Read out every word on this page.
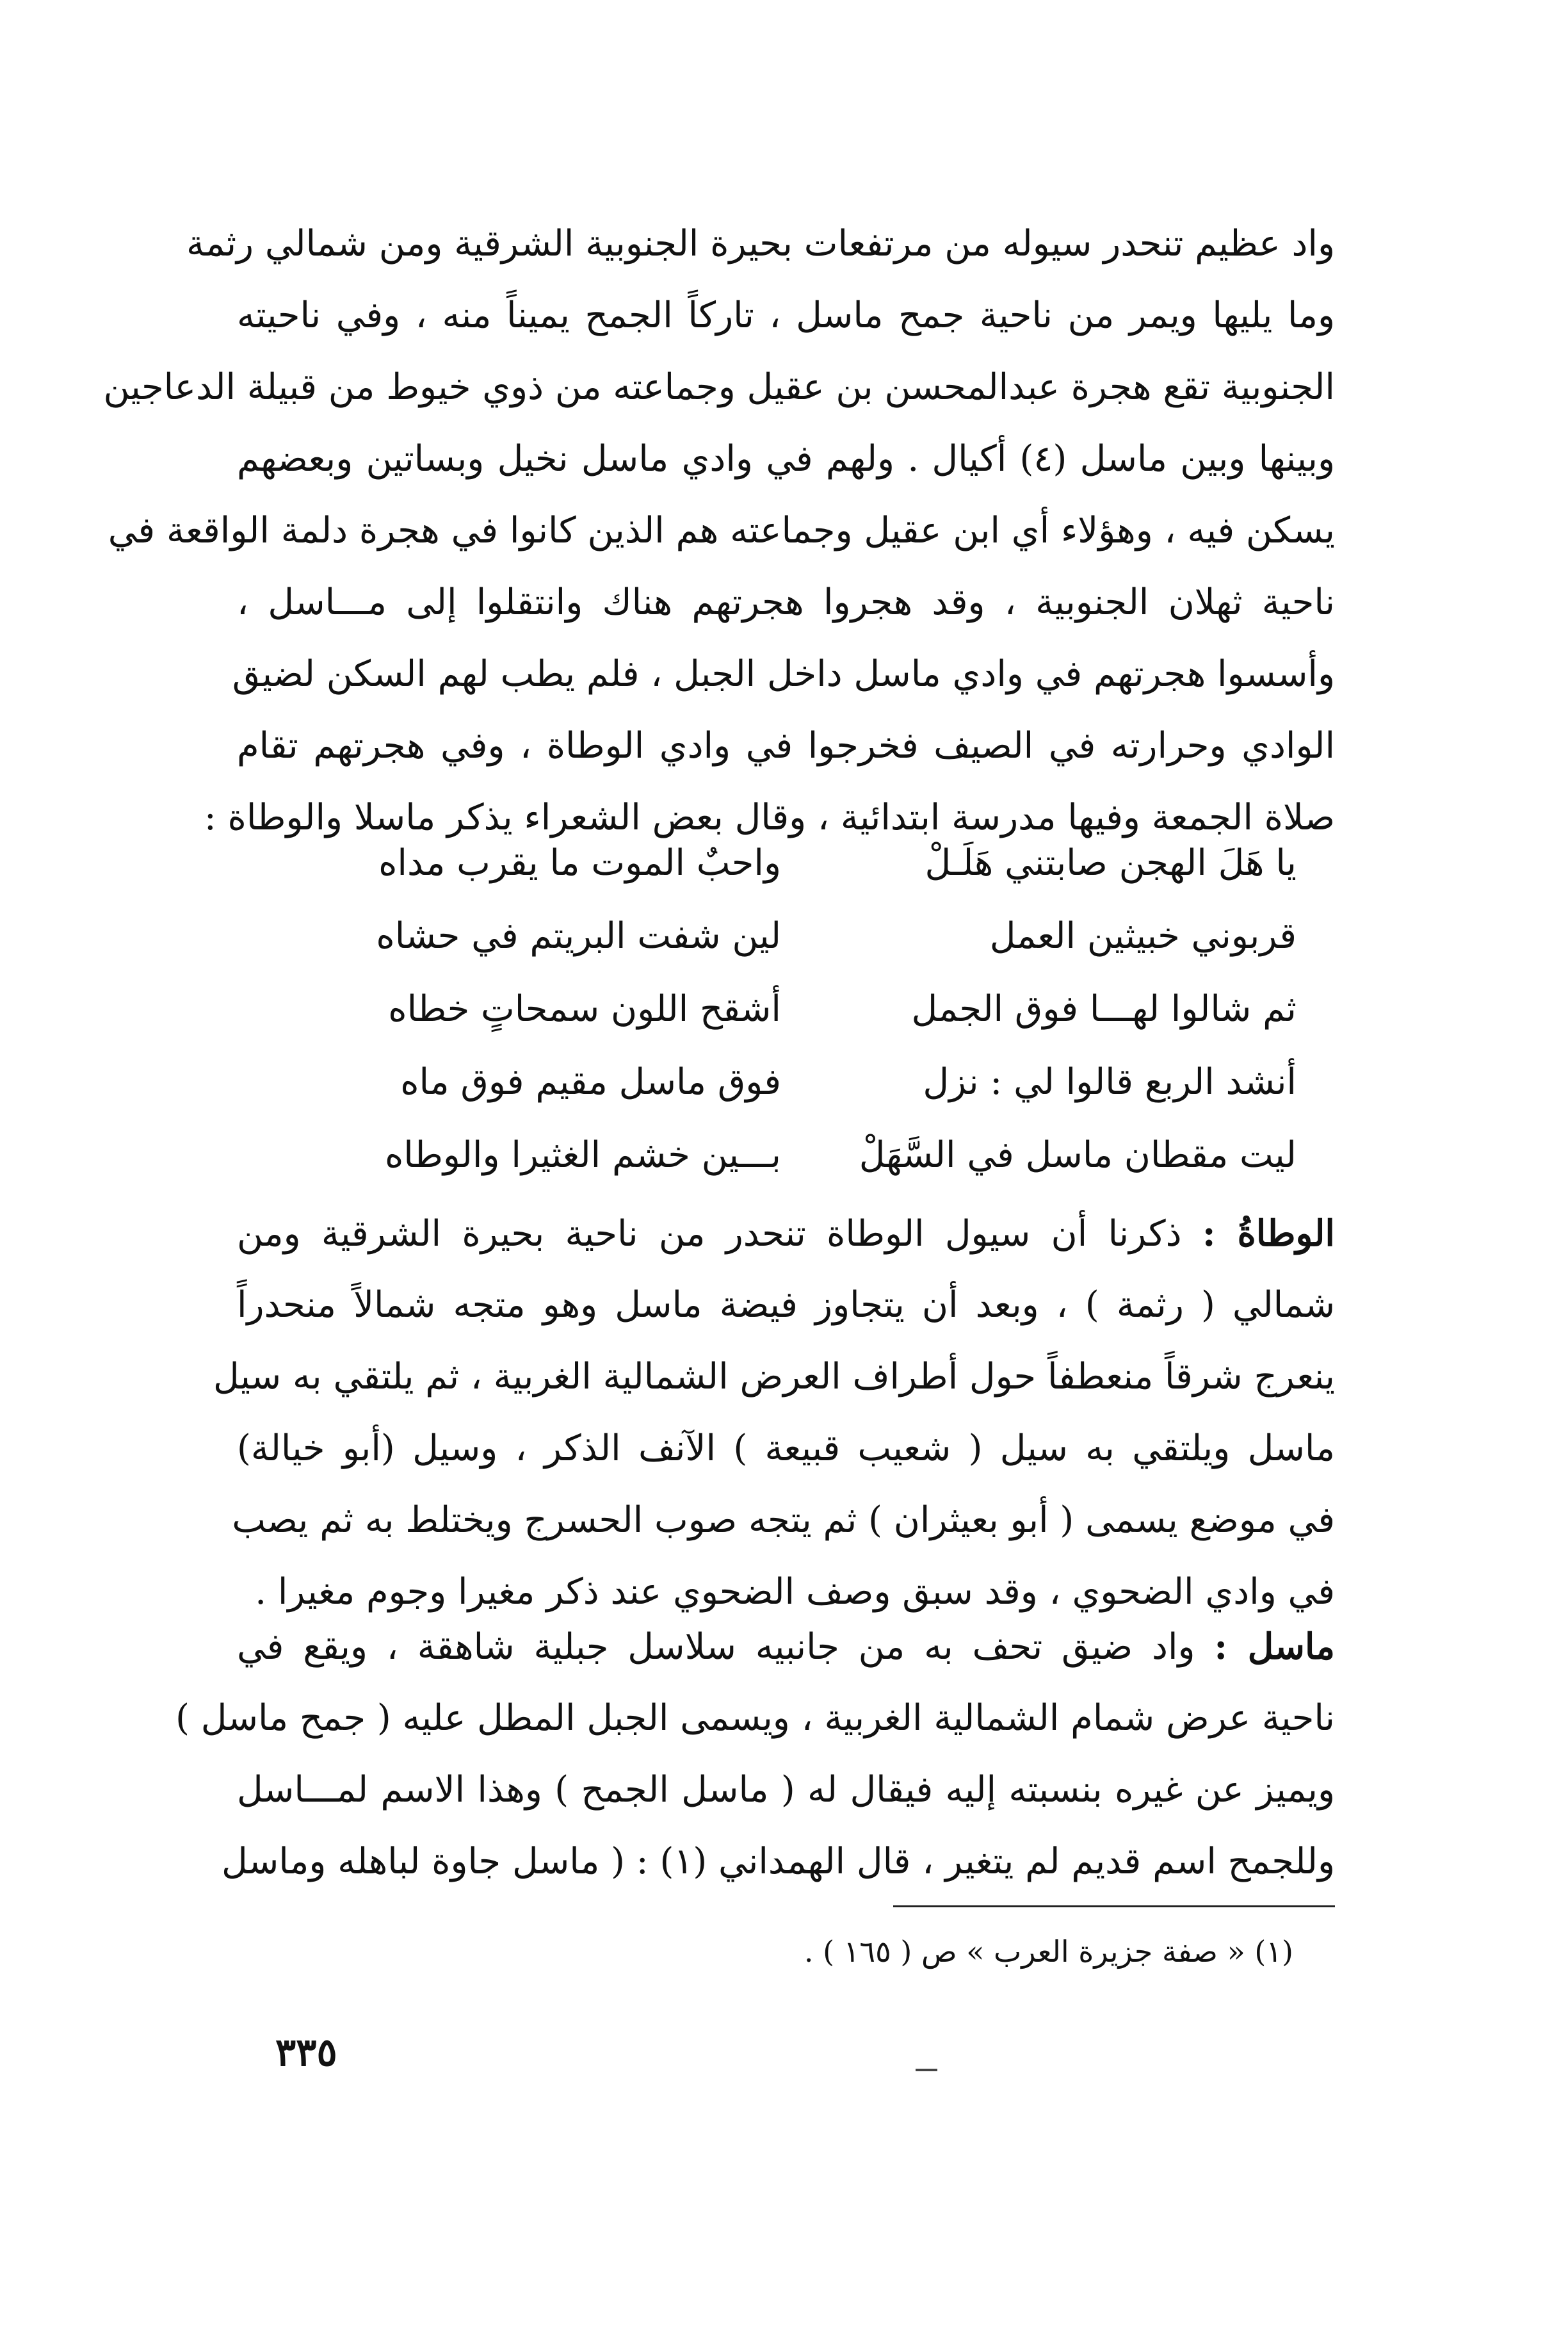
واد عظيم تنحدر سيوله من مرتفعات بحيرة الجنوبية الشرقية ومن شمالي رثمة
وما يليها ويمر من ناحية جمح ماسل ، تاركاً الجمح يميناً منه ، وفي ناحيته
الجنوبية تقع هجرة عبدالمحسن بن عقيل وجماعته من ذوي خيوط من قبيلة الدعاجين
وبينها وبين ماسل (٤) أكيال . ولهم في وادي ماسل نخيل وبساتين وبعضهم
يسكن فيه ، وهؤلاء أي ابن عقيل وجماعته هم الذين كانوا في هجرة دلمة الواقعة في
ناحية ثهلان الجنوبية ، وقد هجروا هجرتهم هناك وانتقلوا إلى مـــاسل ،
وأسسوا هجرتهم في وادي ماسل داخل الجبل ، فلم يطب لهم السكن لضيق
الوادي وحرارته في الصيف فخرجوا في وادي الوطاة ، وفي هجرتهم تقام
صلاة الجمعة وفيها مدرسة ابتدائية ، وقال بعض الشعراء يذكر ماسلا والوطاة :
يا هَلَ الهجن صابتني هَلَـلْ
واحبٌ الموت ما يقرب مداه
قربوني خبيثين العمل
لين شفت البريتم في حشاه
ثم شالوا لهـــا فوق الجمل
أشقح اللون سمحاتٍ خطاه
أنشد الربع قالوا لي : نزل
فوق ماسل مقيم فوق ماه
ليت مقطان ماسل في السَّهَلْ
بـــين خشم الغثيرا والوطاه
الوطاةُ : ذكرنا أن سيول الوطاة تنحدر من ناحية بحيرة الشرقية ومن
شمالي ( رثمة ) ، وبعد أن يتجاوز فيضة ماسل وهو متجه شمالاً منحدراً
ينعرج شرقاً منعطفاً حول أطراف العرض الشمالية الغربية ، ثم يلتقي به سيل
ماسل ويلتقي به سيل ( شعيب قبيعة ) الآنف الذكر ، وسيل (أبو خيالة)
في موضع يسمى ( أبو بعيثران ) ثم يتجه صوب الحسرج ويختلط به ثم يصب
في وادي الضحوي ، وقد سبق وصف الضحوي عند ذكر مغيرا وجوم مغيرا .
ماسل : واد ضيق تحف به من جانبيه سلاسل جبلية شاهقة ، ويقع في
ناحية عرض شمام الشمالية الغربية ، ويسمى الجبل المطل عليه ( جمح ماسل )
ويميز عن غيره بنسبته إليه فيقال له ( ماسل الجمح ) وهذا الاسم لمـــاسل
وللجمح اسم قديم لم يتغير ، قال الهمداني (١) : ( ماسل جاوة لباهله وماسل
(١) « صفة جزيرة العرب » ص ( ١٦٥ ) .
٣٣٥
